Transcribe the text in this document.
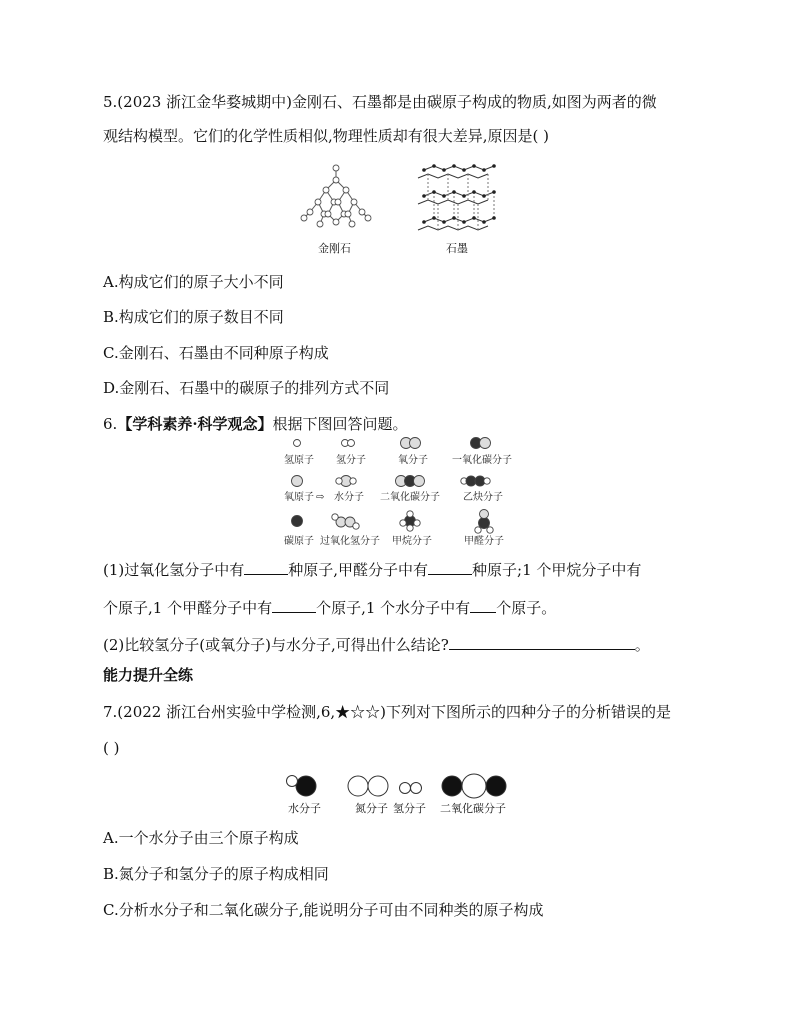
5.(2023 浙江金华婺城期中)金刚石、石墨都是由碳原子构成的物质,如图为两者的微
观结构模型。它们的化学性质相似,物理性质却有很大差异,原因是( )
金刚石	石墨
A.构成它们的原子大小不同
B.构成它们的原子数目不同
C.金刚石、石墨由不同种原子构成
D.金刚石、石墨中的碳原子的排列方式不同
6.【学科素养·科学观念】根据下图回答问题。
氢原子 氢分子	氧分子 一氧化碳分子
氧原子 ⇨ 水分子 二氧化碳分子 乙炔分子
碳原子 过氧化氢分子 甲烷分子	甲醛分子
(1)过氧化氢分子中有	种原子,甲醛分子中有	种原子;1 个甲烷分子中有
个原子,1 个甲醛分子中有	个原子,1 个水分子中有 个原子。
(2)比较氢分子(或氧分子)与水分子,可得出什么结论?	。
能力提升全练
7.(2022 浙江台州实验中学检测,6,★☆☆)下列对下图所示的四种分子的分析错误的是
( )
水分子	氮分子 氢分子 二氧化碳分子
A.一个水分子由三个原子构成
B.氮分子和氢分子的原子构成相同
C.分析水分子和二氧化碳分子,能说明分子可由不同种类的原子构成
